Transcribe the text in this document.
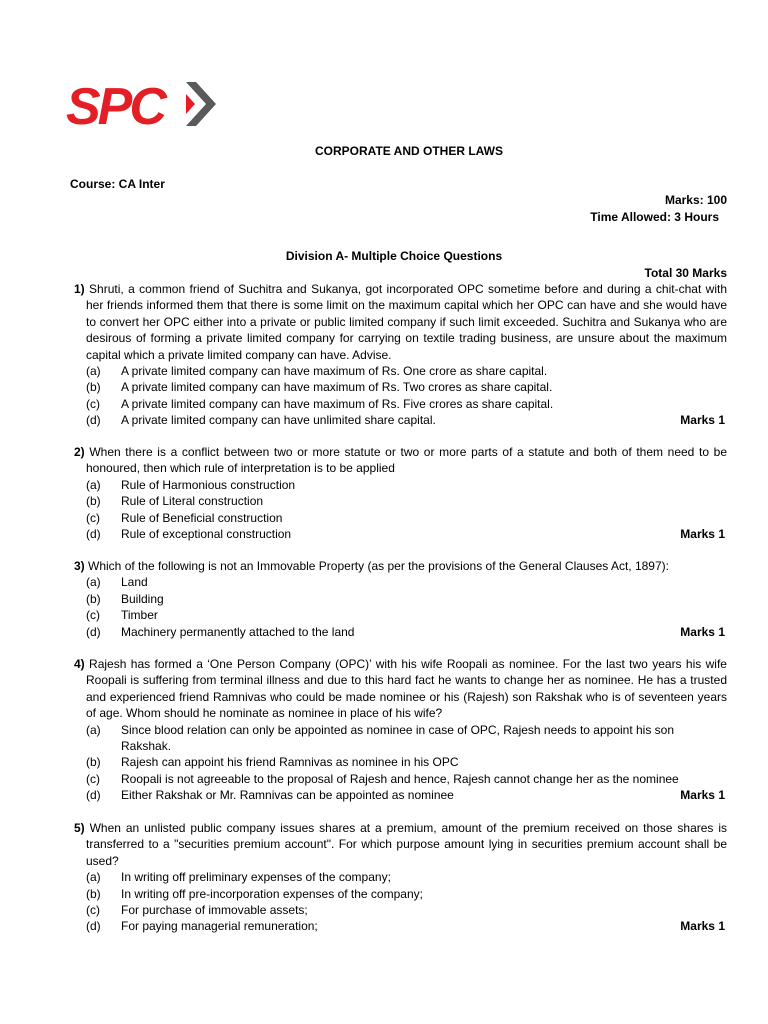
SPC
CORPORATE AND OTHER LAWS
Course: CA Inter
Marks: 100
Time Allowed: 3 Hours
Division A- Multiple Choice Questions
Total 30 Marks
1) Shruti, a common friend of Suchitra and Sukanya, got incorporated OPC sometime before and during a chit-chat with her friends informed them that there is some limit on the maximum capital which her OPC can have and she would have to convert her OPC either into a private or public limited company if such limit exceeded. Suchitra and Sukanya who are desirous of forming a private limited company for carrying on textile trading business, are unsure about the maximum capital which a private limited company can have. Advise.
(a)	A private limited company can have maximum of Rs. One crore as share capital.
(b)	A private limited company can have maximum of Rs. Two crores as share capital.
(c)	A private limited company can have maximum of Rs. Five crores as share capital.
(d)	A private limited company can have unlimited share capital.	Marks 1
2) When there is a conflict between two or more statute or two or more parts of a statute and both of them need to be honoured, then which rule of interpretation is to be applied
(a)	Rule of Harmonious construction
(b)	Rule of Literal construction
(c)	Rule of Beneficial construction
(d)	Rule of exceptional construction	Marks 1
3) Which of the following is not an Immovable Property (as per the provisions of the General Clauses Act, 1897):
(a)	Land
(b)	Building
(c)	Timber
(d)	Machinery permanently attached to the land	Marks 1
4) Rajesh has formed a ‘One Person Company (OPC)’ with his wife Roopali as nominee. For the last two years his wife Roopali is suffering from terminal illness and due to this hard fact he wants to change her as nominee. He has a trusted and experienced friend Ramnivas who could be made nominee or his (Rajesh) son Rakshak who is of seventeen years of age. Whom should he nominate as nominee in place of his wife?
(a)	Since blood relation can only be appointed as nominee in case of OPC, Rajesh needs to appoint his son Rakshak.
(b)	Rajesh can appoint his friend Ramnivas as nominee in his OPC
(c)	Roopali is not agreeable to the proposal of Rajesh and hence, Rajesh cannot change her as the nominee
(d)	Either Rakshak or Mr. Ramnivas can be appointed as nominee	Marks 1
5) When an unlisted public company issues shares at a premium, amount of the premium received on those shares is transferred to a "securities premium account". For which purpose amount lying in securities premium account shall be used?
(a)	In writing off preliminary expenses of the company;
(b)	In writing off pre-incorporation expenses of the company;
(c)	For purchase of immovable assets;
(d)	For paying managerial remuneration;	Marks 1
